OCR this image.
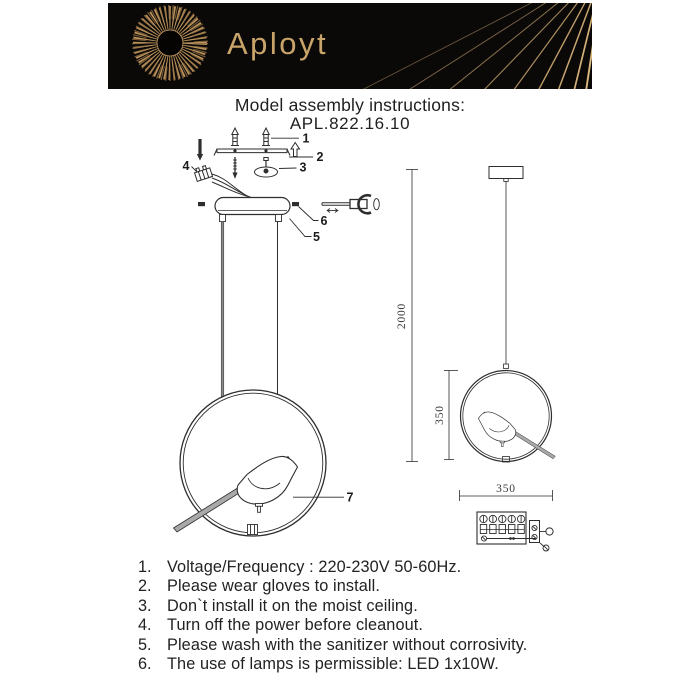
Aployt
Model assembly instructions:
APL.822.16.10
1
2
3
4
5
6
7
2000
350
350
1. Voltage/Frequency : 220-230V 50-60Hz.
2. Please wear gloves to install.
3. Don`t install it on the moist ceiling.
4. Turn off the power before cleanout.
5. Please wash with the sanitizer without corrosivity.
6. The use of lamps is permissible: LED 1x10W.
